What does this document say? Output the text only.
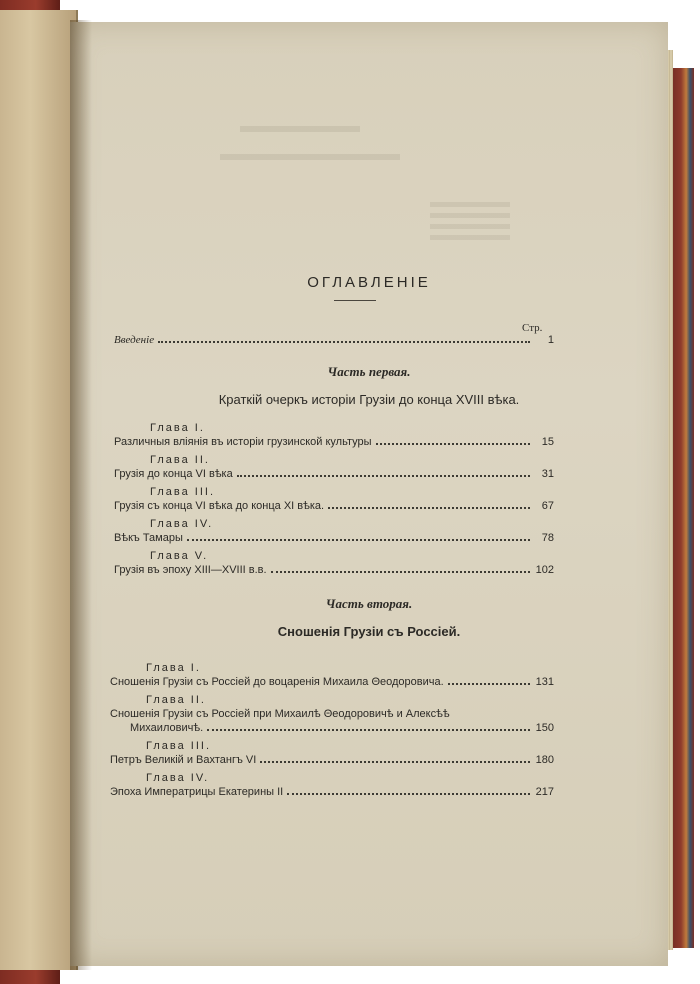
ОГЛАВЛЕНIЕ
Стр.
Введенiе	1
Часть первая.
Краткiй очеркъ исторiи Грузiи до конца XVIII вѣка.
Глава I.
Различныя влiянiя въ исторiи грузинской культуры	15
Глава II.
Грузiя до конца VI вѣка	31
Глава III.
Грузiя съ конца VI вѣка до конца XI вѣка.	67
Глава IV.
Вѣкъ Тамары	78
Глава V.
Грузiя въ эпоху XIII—XVIII в.в.	102
Часть вторая.
Сношенiя Грузiи съ Россiей.
Глава I.
Сношенiя Грузiи съ Россiей до воцаренiя Михаила Θеодоровича.	131
Глава II.
Сношенiя Грузiи съ Россiей при Михаилѣ Θеодоровичѣ и Алексѣѣ
Михаиловичѣ.	150
Глава III.
Петръ Великiй и Вахтангъ VI	180
Глава IV.
Эпоха Императрицы Екатерины II	217
